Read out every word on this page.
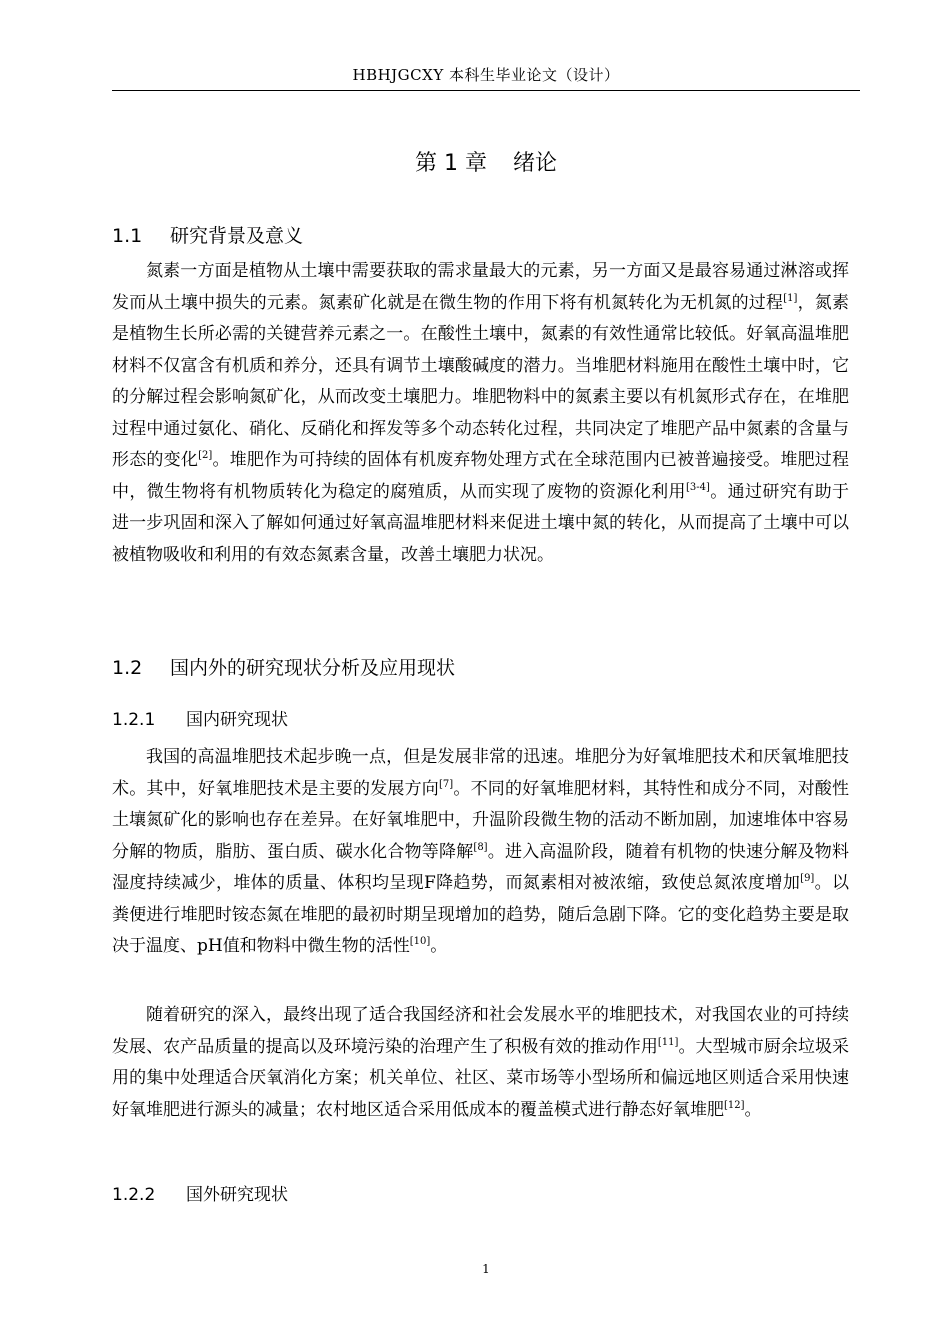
HBHJGCXY 本科生毕业论文（设计）
第 1 章 绪论
1.1 研究背景及意义

氮素一方面是植物从土壤中需要获取的需求量最大的元素，另一方面又是最容易通过淋溶或挥发而从土壤中损失的元素。氮素矿化就是在微生物的作用下将有机氮转化为无机氮的过程[1]，氮素是植物生长所必需的关键营养元素之一。在酸性土壤中，氮素的有效性通常比较低。好氧高温堆肥材料不仅富含有机质和养分，还具有调节土壤酸碱度的潜力。当堆肥材料施用在酸性土壤中时，它的分解过程会影响氮矿化，从而改变土壤肥力。堆肥物料中的氮素主要以有机氮形式存在，在堆肥过程中通过氨化、硝化、反硝化和挥发等多个动态转化过程，共同决定了堆肥产品中氮素的含量与形态的变化[2]。堆肥作为可持续的固体有机废弃物处理方式在全球范围内已被普遍接受。堆肥过程中，微生物将有机物质转化为稳定的腐殖质，从而实现了废物的资源化利用[3-4]。通过研究有助于进一步巩固和深入了解如何通过好氧高温堆肥材料来促进土壤中氮的转化，从而提高了土壤中可以被植物吸收和利用的有效态氮素含量，改善土壤肥力状况。

1.2 国内外的研究现状分析及应用现状
1.2.1 国内研究现状

我国的高温堆肥技术起步晚一点，但是发展非常的迅速。堆肥分为好氧堆肥技术和厌氧堆肥技术。其中，好氧堆肥技术是主要的发展方向[7]。不同的好氧堆肥材料，其特性和成分不同，对酸性土壤氮矿化的影响也存在差异。在好氧堆肥中，升温阶段微生物的活动不断加剧，加速堆体中容易分解的物质，脂肪、蛋白质、碳水化合物等降解[8]。进入高温阶段，随着有机物的快速分解及物料湿度持续减少，堆体的质量、体积均呈现F降趋势，而氮素相对被浓缩，致使总氮浓度增加[9]。以粪便进行堆肥时铵态氮在堆肥的最初时期呈现增加的趋势，随后急剧下降。它的变化趋势主要是取决于温度、pH值和物料中微生物的活性[10]。

随着研究的深入，最终出现了适合我国经济和社会发展水平的堆肥技术，对我国农业的可持续发展、农产品质量的提高以及环境污染的治理产生了积极有效的推动作用[11]。大型城市厨余垃圾采用的集中处理适合厌氧消化方案；机关单位、社区、菜市场等小型场所和偏远地区则适合采用快速好氧堆肥进行源头的减量；农村地区适合采用低成本的覆盖模式进行静态好氧堆肥[12]。

1.2.2 国外研究现状
1
